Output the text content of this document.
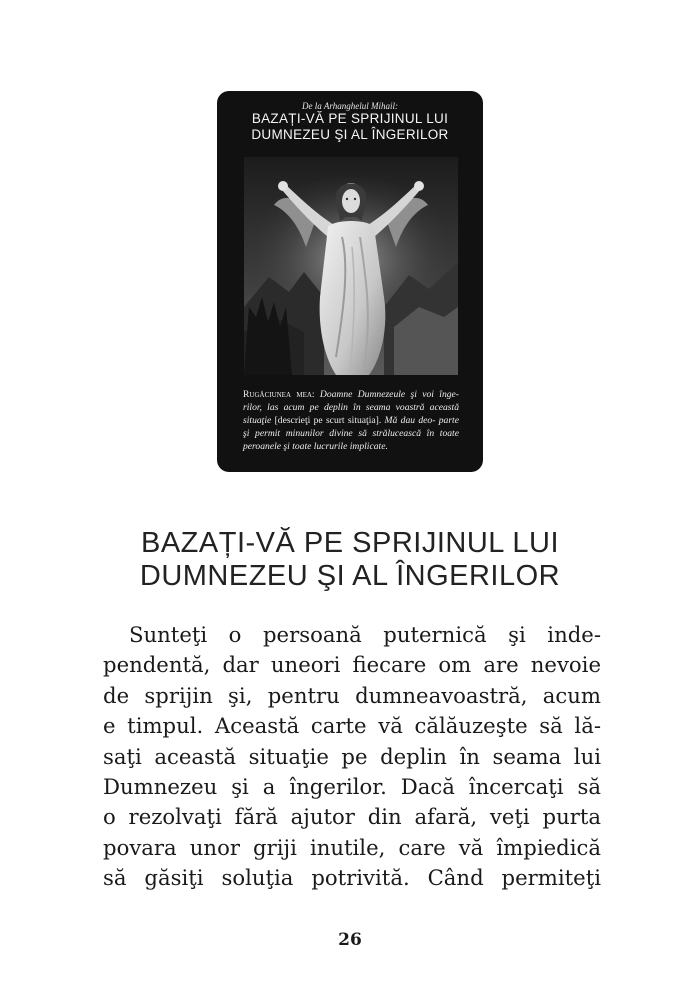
De la Arhanghelul Mihail:
BAZAȚI-VĂ PE SPRIJINUL LUI
DUMNEZEU ŞI AL ÎNGERILOR
Rugăciunea mea: Doamne Dumnezeule şi voi înge- rilor, las acum pe deplin în seama voastră această situaţie [descrieţi pe scurt situaţia]. Mă dau deo- parte şi permit minunilor divine să strălucească în toate peroanele şi toate lucrurile implicate.
BAZAȚI-VĂ PE SPRIJINUL LUI
DUMNEZEU ŞI AL ÎNGERILOR
Sunteţi o persoană puternică şi inde-
pendentă, dar uneori fiecare om are nevoie
de sprijin şi, pentru dumneavoastră, acum
e timpul. Această carte vă călăuzeşte să lă-
saţi această situaţie pe deplin în seama lui
Dumnezeu şi a îngerilor. Dacă încercaţi să
o rezolvaţi fără ajutor din afară, veţi purta
povara unor griji inutile, care vă împiedică
să găsiţi soluţia potrivită. Când permiteţi
26
